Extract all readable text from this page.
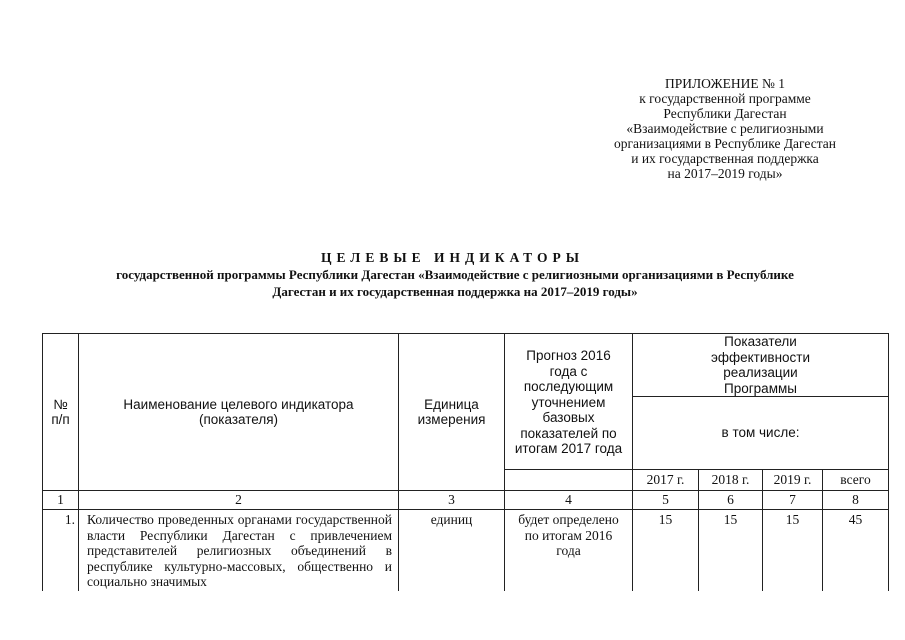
ПРИЛОЖЕНИЕ № 1
к государственной программе
Республики Дагестан
«Взаимодействие с религиозными
организациями в Республике Дагестан
и их государственная поддержка
на 2017–2019 годы»
ЦЕЛЕВЫЕ ИНДИКАТОРЫ
государственной программы Республики Дагестан «Взаимодействие с религиозными организациями в Республике Дагестан и их государственная поддержка на 2017–2019 годы»
№ п/п	Наименование целевого индикатора (показателя)	Единица измерения	Прогноз 2016 года с последующим уточнением базовых показателей по итогам 2017 года	Показатели эффективности реализации Программы			
				в том числе:			
				2017 г.	2018 г.	2019 г.	всего
1	2	3	4	5	6	7	8
1.	Количество проведенных органами государственной власти Республики Дагестан с привлечением представителей религиозных объединений в республике культурно-массовых, общественно и социально значимых	единиц	будет определено по итогам 2016 года	15	15	15	45
